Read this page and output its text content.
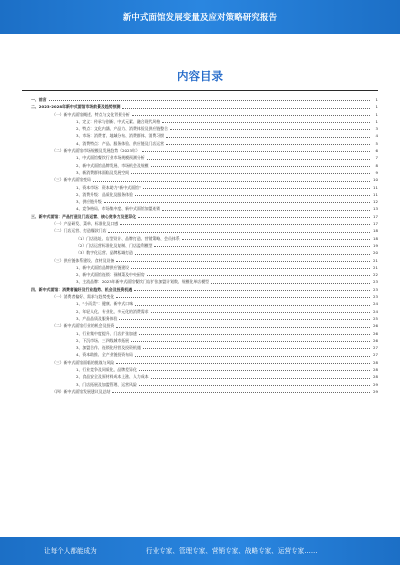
新中式面馆发展变量及应对策略研究报告
内容目录
一、前言	1
二、2023-2028年新中式面馆市场前景及趋势预测	1
（一）新中式面馆概述、特点与文化背景分析	1
1、定义：传承与创新、中式元素、融合现代风格	1
2、特点：文化内涵、产品力、消费体验及供应链整合	3
3、市场：消费者、地域分布、消费群体、消费习惯	4
4、消费特点：产品、服务体验、供应链及门店运营	5
（二）新中式面馆市场规模及发展趋势（2023年）	6
1、中式面馆餐饮行业市场规模预测分析	7
2、新中式面馆品牌发展、市场机会及规模	8
3、新消费群体面临及发展空间	9
（三）新中式面馆变局	10
1、资本市场：资本助力“新中式面馆”	11
2、消费升级：品质化及服务体验	11
3、供应链升级	12
4、竞争格局、市场集中度、新中式面馆加盟连锁	13
三、新中式面馆：产品打造及门店运营、核心竞争力及差异化	17
（一）产品研发、菜单、标准化及口感	17
（二）门店运营、打造爆款门店	18
（1）门店选址、店型设计、品牌打造、营销策略、会员体系	18
（2）门店运营标准化及复制、门店盈利模型	19
（3）数字化运营、品牌私域打造	20
（三）供应链体系建设、食材及设备	21
1、新中式面馆品牌供应链建设	21
2、新中式面馆连锁：预制菜及中央厨房	22
3、主流品牌：2023年新中式面馆餐饮门店扩张加盟计划数、规模化单店模型	23
四、新中式面馆：消费者偏好及行业趋势、机会及投资机遇	23
（一）消费者偏好、需求与趋势变化	23
1、“小而美”：健康、新中式口味	24
2、年轻人化、专业化、多元化的消费需求	24
3、产品品质及服务体验	25
（二）新中式面馆行业的机会及投资	26
1、行业集中度提升、门店扩张加速	26
2、下沉市场、三四线城市拓展	26
3、加盟合作、连锁化经营及投资机遇	27
4、资本助推、全产业链投资布局	27
（三）新中式面馆面临的挑战与风险	28
1、行业竞争及同质化、品牌差异化	28
2、食品安全及原材料成本上涨、人力成本	28
3、门店拓展及加盟管理、运营风险	29
（四）新中式面馆发展建议及总结	29
让每个人都能成为	行业专家、管理专家、营销专家、战略专家、运营专家……
